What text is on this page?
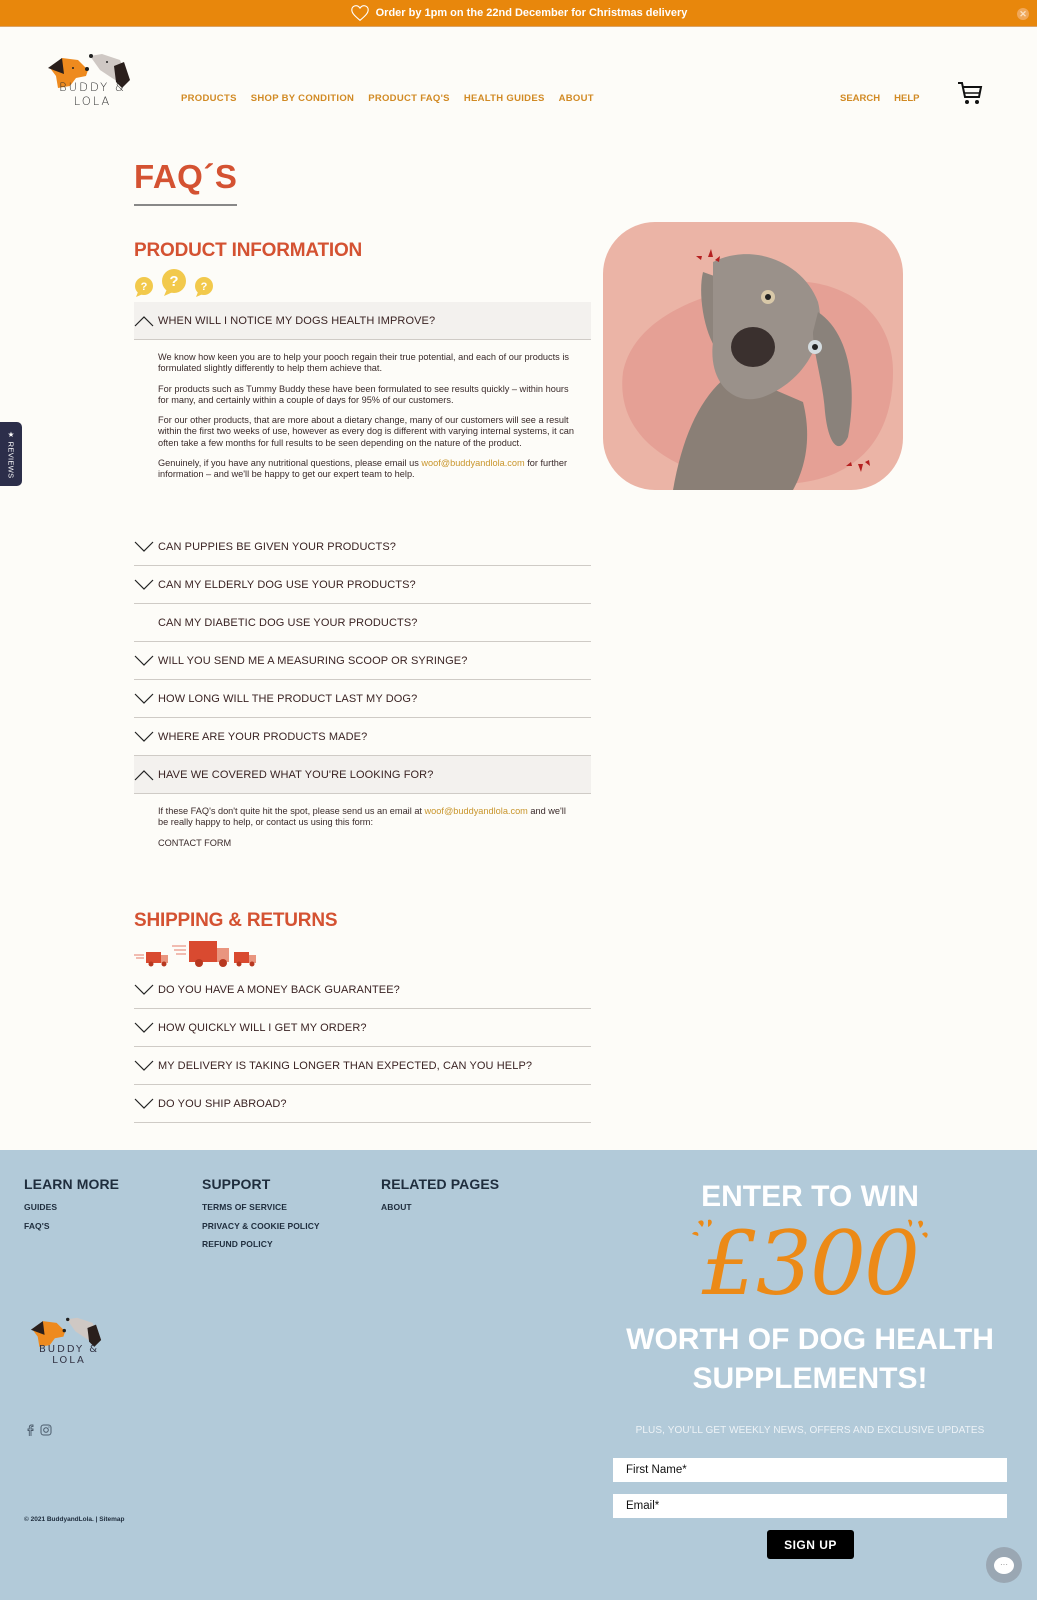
Order by 1pm on the 22nd December for Christmas delivery	✕
BUDDY & LOLA	PRODUCTS SHOP BY CONDITION PRODUCT FAQ'S HEALTH GUIDES ABOUT	SEARCH HELP
★ REVIEWS
FAQ´S
PRODUCT INFORMATION
? ? ?
WHEN WILL I NOTICE MY DOGS HEALTH IMPROVE?

We know how keen you are to help your pooch regain their true potential, and each of our products is formulated slightly differently to help them achieve that.

For products such as Tummy Buddy these have been formulated to see results quickly – within hours for many, and certainly within a couple of days for 95% of our customers.

For our other products, that are more about a dietary change, many of our customers will see a result within the first two weeks of use, however as every dog is different with varying internal systems, it can often take a few months for full results to be seen depending on the nature of the product.

Genuinely, if you have any nutritional questions, please email us woof@buddyandlola.com for further information – and we'll be happy to get our expert team to help.

CAN PUPPIES BE GIVEN YOUR PRODUCTS?
CAN MY ELDERLY DOG USE YOUR PRODUCTS?
CAN MY DIABETIC DOG USE YOUR PRODUCTS?
WILL YOU SEND ME A MEASURING SCOOP OR SYRINGE?
HOW LONG WILL THE PRODUCT LAST MY DOG?
WHERE ARE YOUR PRODUCTS MADE?
HAVE WE COVERED WHAT YOU'RE LOOKING FOR?

If these FAQ's don't quite hit the spot, please send us an email at woof@buddyandlola.com and we'll be really happy to help, or contact us using this form:

CONTACT FORM
SHIPPING & RETURNS
DO YOU HAVE A MONEY BACK GUARANTEE?
HOW QUICKLY WILL I GET MY ORDER?
MY DELIVERY IS TAKING LONGER THAN EXPECTED, CAN YOU HELP?
DO YOU SHIP ABROAD?
LEARN MORE
GUIDES
FAQ'S
SUPPORT
TERMS OF SERVICE
PRIVACY & COOKIE POLICY
REFUND POLICY
RELATED PAGES
ABOUT
BUDDY & LOLA
© 2021 BuddyandLola. | Sitemap
ENTER TO WIN
£300
WORTH OF DOG HEALTH SUPPLEMENTS!
PLUS, YOU'LL GET WEEKLY NEWS, OFFERS AND EXCLUSIVE UPDATES
First Name*
Email*
SIGN UP
···
